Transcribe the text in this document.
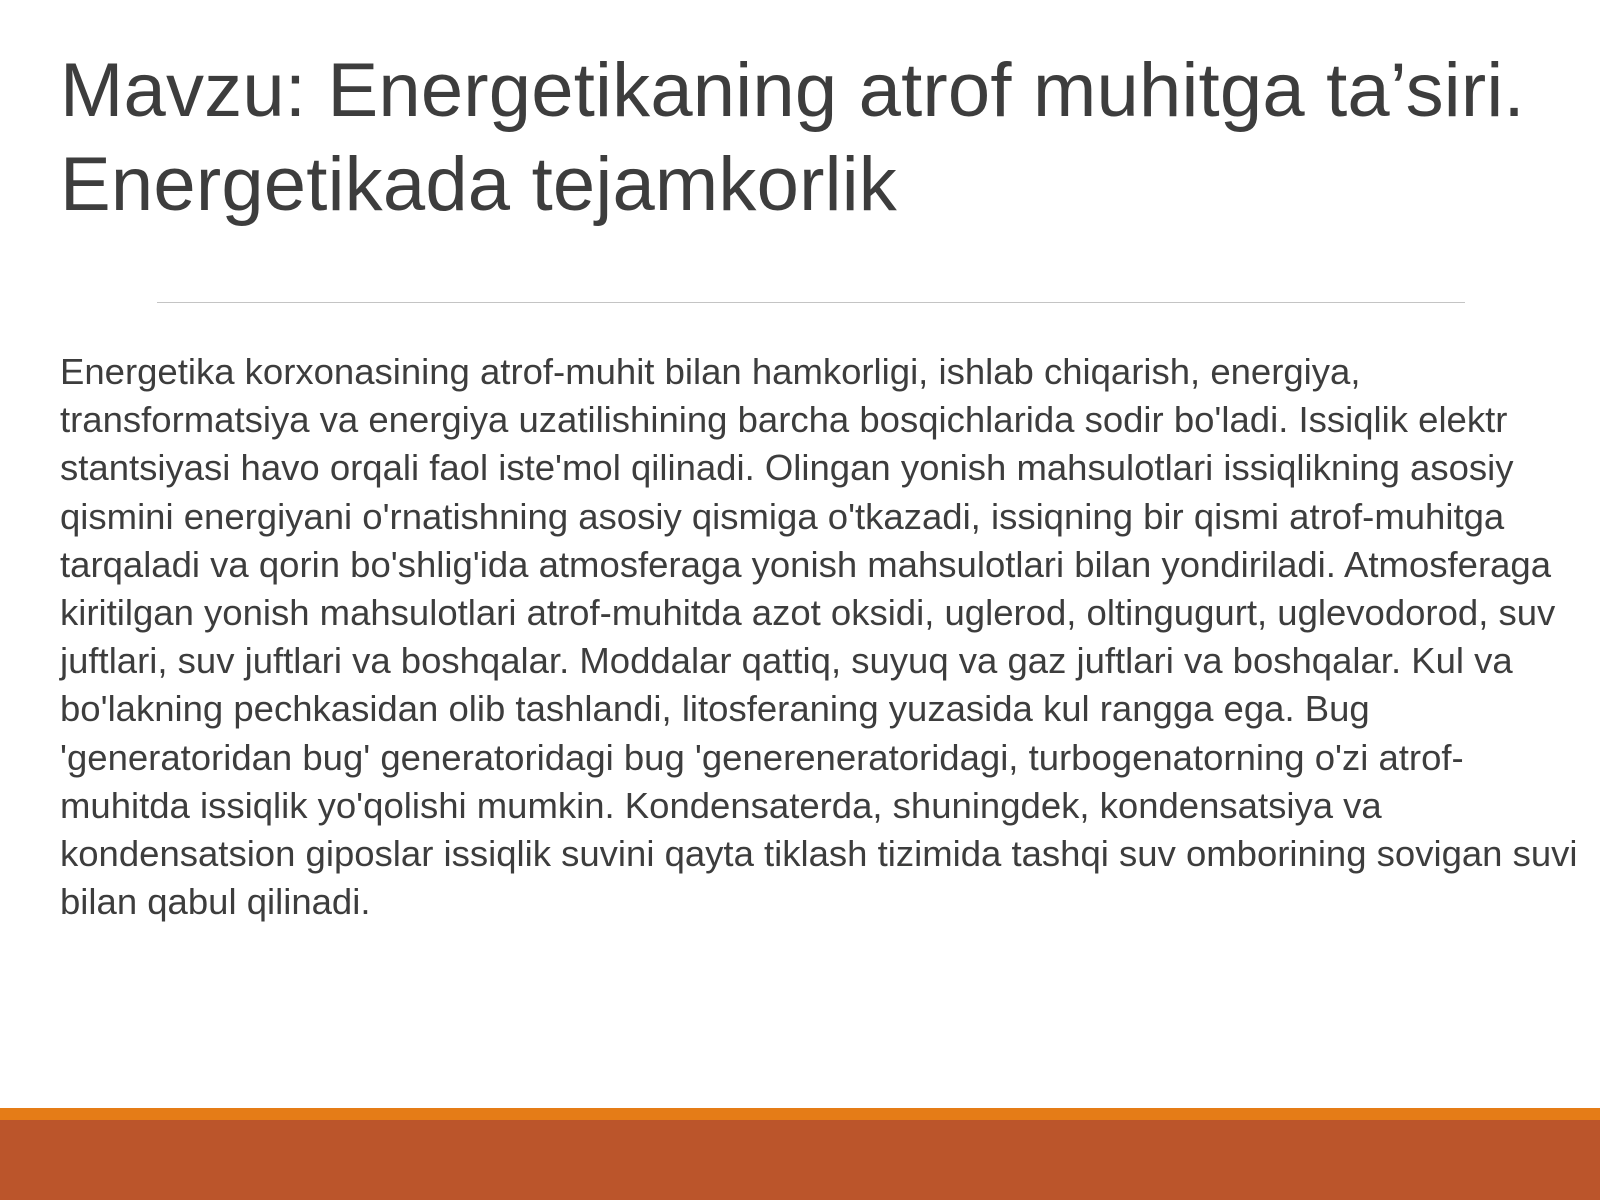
Mavzu: Energetikaning atrof muhitga ta’siri. Energetikada tejamkorlik

Energetika korxonasining atrof-muhit bilan hamkorligi, ishlab chiqarish, energiya, transformatsiya va energiya uzatilishining barcha bosqichlarida sodir bo'ladi. Issiqlik elektr stantsiyasi havo orqali faol iste'mol qilinadi. Olingan yonish mahsulotlari issiqlikning asosiy qismini energiyani o'rnatishning asosiy qismiga o'tkazadi, issiqning bir qismi atrof-muhitga tarqaladi va qorin bo'shlig'ida atmosferaga yonish mahsulotlari bilan yondiriladi. Atmosferaga kiritilgan yonish mahsulotlari atrof-muhitda azot oksidi, uglerod, oltingugurt, uglevodorod, suv juftlari, suv juftlari va boshqalar. Moddalar qattiq, suyuq va gaz juftlari va boshqalar. Kul va bo'lakning pechkasidan olib tashlandi, litosferaning yuzasida kul rangga ega. Bug 'generatoridan bug' generatoridagi bug 'genereneratoridagi, turbogenatorning o'zi atrof-muhitda issiqlik yo'qolishi mumkin. Kondensaterda, shuningdek, kondensatsiya va kondensatsion giposlar issiqlik suvini qayta tiklash tizimida tashqi suv omborining sovigan suvi bilan qabul qilinadi.
